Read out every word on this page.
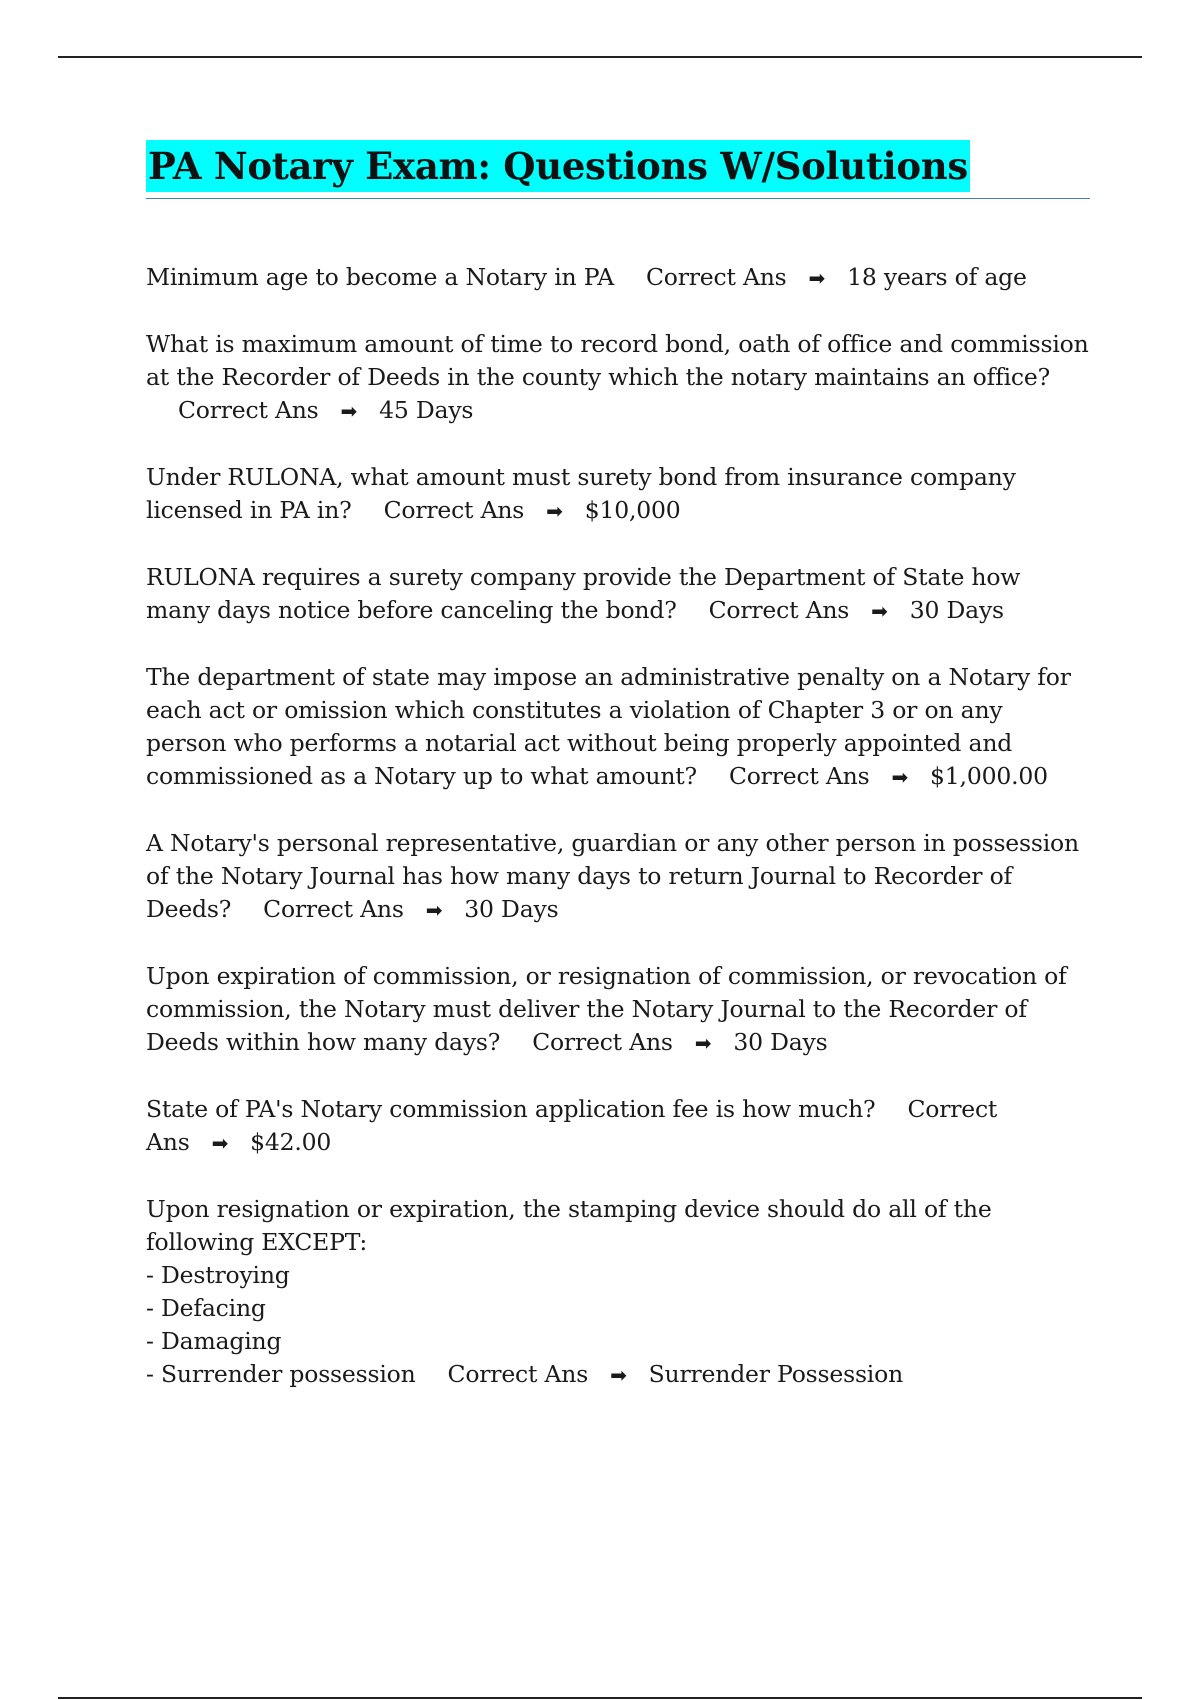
PA Notary Exam: Questions W/Solutions

Minimum age to become a Notary in PA Correct Ans ➡ 18 years of age

What is maximum amount of time to record bond, oath of office and commission at the Recorder of Deeds in the county which the notary maintains an office?Correct Ans ➡ 45 Days

Under RULONA, what amount must surety bond from insurance company licensed in PA in? Correct Ans ➡ $10,000

RULONA requires a surety company provide the Department of State how many days notice before canceling the bond? Correct Ans ➡ 30 Days

The department of state may impose an administrative penalty on a Notary for each act or omission which constitutes a violation of Chapter 3 or on any person who performs a notarial act without being properly appointed and commissioned as a Notary up to what amount? Correct Ans ➡ $1,000.00

A Notary's personal representative, guardian or any other person in possession of the Notary Journal has how many days to return Journal to Recorder of Deeds? Correct Ans ➡ 30 Days

Upon expiration of commission, or resignation of commission, or revocation of commission, the Notary must deliver the Notary Journal to the Recorder of Deeds within how many days? Correct Ans ➡ 30 Days

State of PA's Notary commission application fee is how much? Correct Ans ➡ $42.00

Upon resignation or expiration, the stamping device should do all of the following EXCEPT:
- Destroying
- Defacing
- Damaging
- Surrender possession Correct Ans ➡ Surrender Possession
